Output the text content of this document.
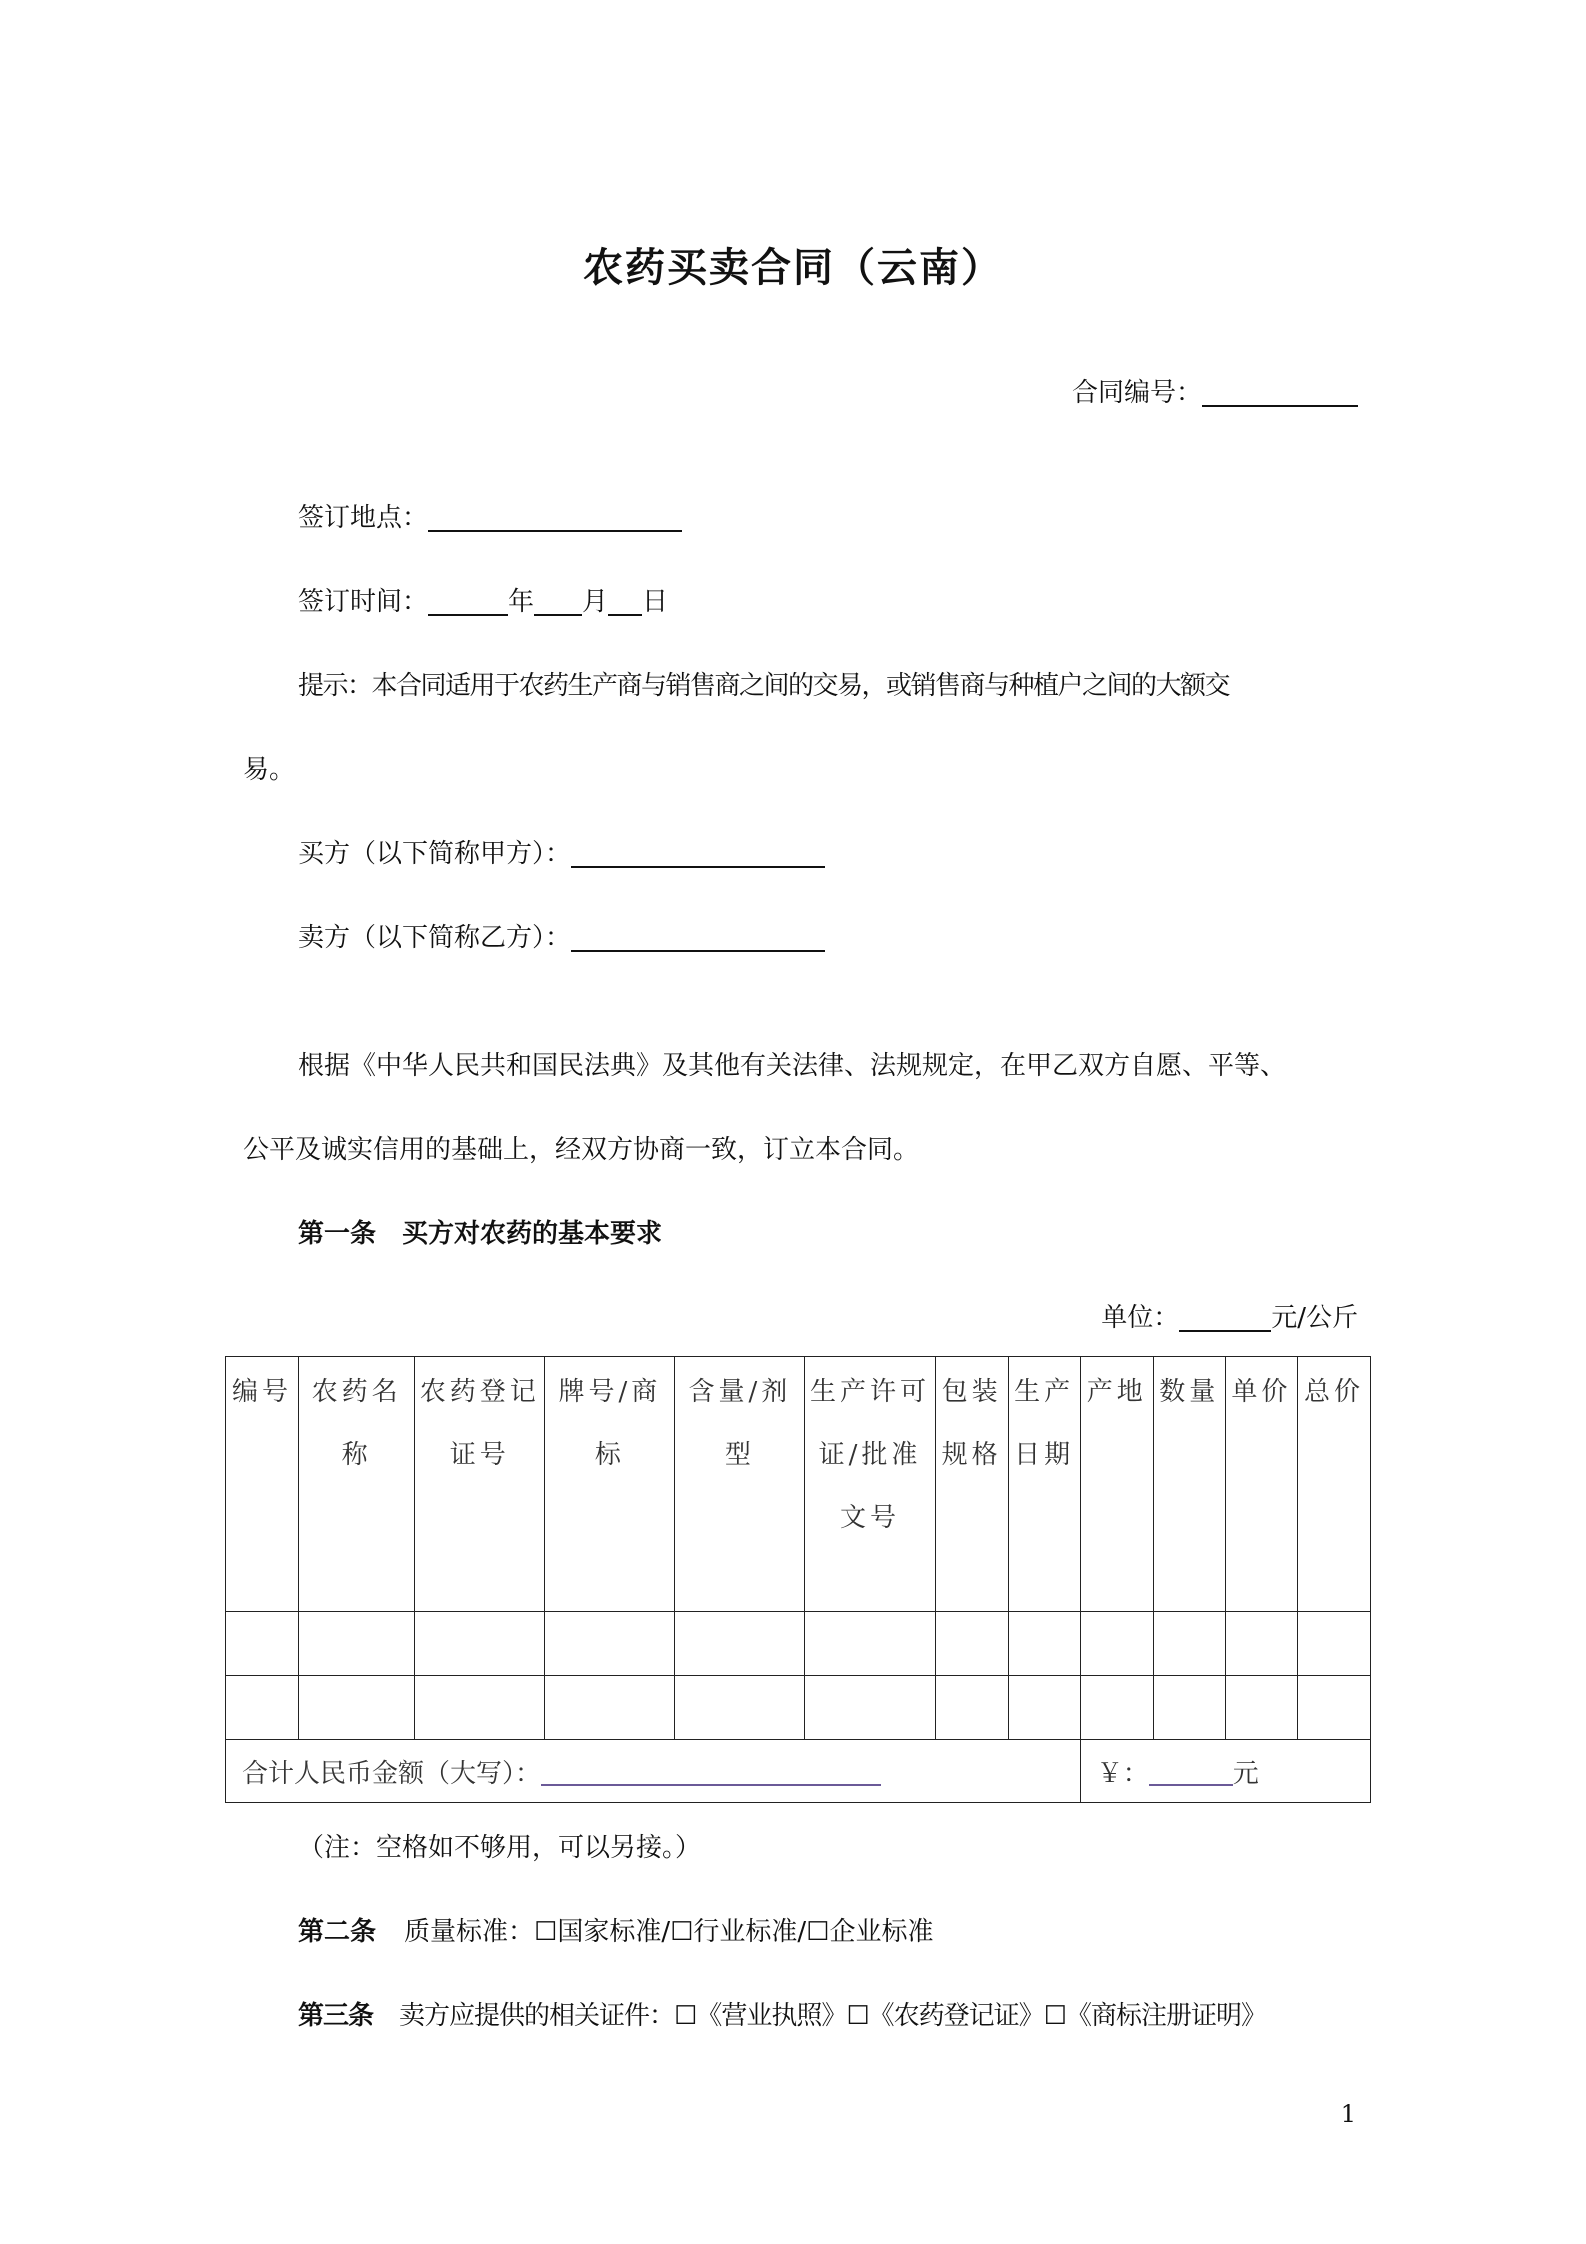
农药买卖合同（云南）
合同编号：
签订地点：
签订时间：	年 月 日
提示：本合同适用于农药生产商与销售商之间的交易，或销售商与种植户之间的大额交
易。
买方（以下简称甲方）：
卖方（以下简称乙方）：
根据《中华人民共和国民法典》及其他有关法律、法规规定，在甲乙双方自愿、平等、
公平及诚实信用的基础上，经双方协商一致，订立本合同。
第一条　买方对农药的基本要求
单位：	元/公斤
编号	农药名称	农药登记证号	牌号/商标	含量/剂型	生产许可证/批准文号	包装规格	生产日期	产地	数量	单价	总价

合计人民币金额（大写）：								￥： 元			
（注：空格如不够用，可以另接。）
第二条 质量标准：☐国家标准/☐行业标准/☐企业标准
第三条 卖方应提供的相关证件：☐《营业执照》☐《农药登记证》☐《商标注册证明》
1
